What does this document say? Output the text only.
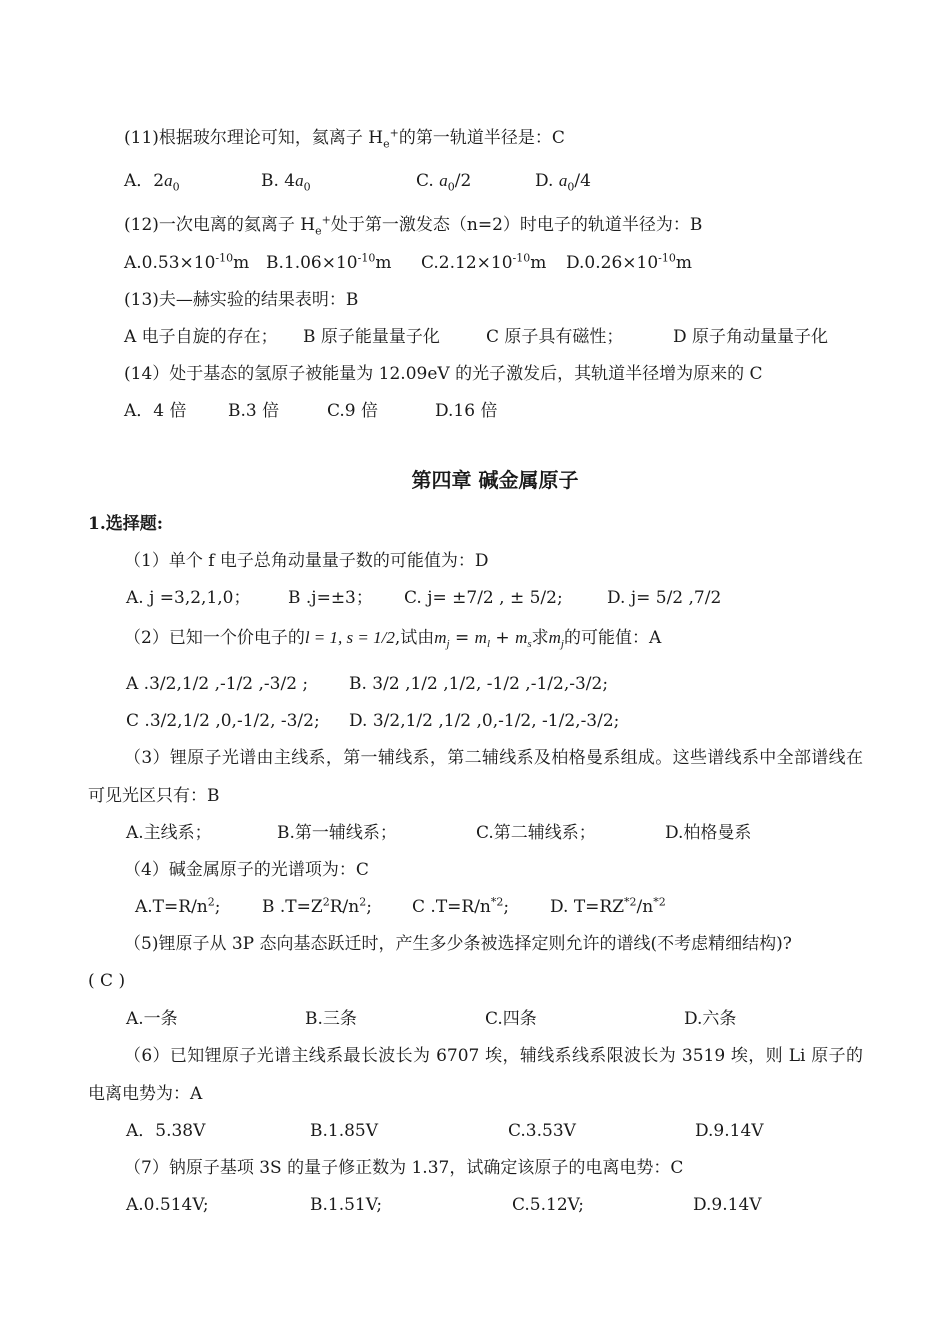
(11)根据玻尔理论可知，氦离子 $H_e^+$的第一轨道半径是：C
A．$2a_0$	B. $4a_0$	C. $a_0/2$	D. $a_0/4$
(12)一次电离的氦离子 $H_e^+$处于第一激发态（n=2）时电子的轨道半径为：B
$A.0.53\times 10^{-10}m$ $B.1.06\times 10^{-10}m$ $C.2.12\times 10^{-10}m$ $D.0.26\times 10^{-10}m$
(13)夫—赫实验的结果表明：B
A 电子自旋的存在； B 原子能量量子化	C 原子具有磁性；	D 原子角动量量子化
(14）处于基态的氢原子被能量为 12.09eV 的光子激发后，其轨道半径增为原来的 C
A．4 倍 B.3 倍	C.9 倍	D.16 倍
第四章 碱金属原子
1.选择题:
（1）单个 f 电子总角动量量子数的可能值为：D
A. j =3,2,1,0； B .j=±3； C. j= ±7/2 , ± 5/2;	D. j= 5/2 ,7/2
（2）已知一个价电子的l = 1, s = 1/2,试由$m_j = m_l + m_s$求$m_j$的可能值：A
A .3/2,1/2 ,-1/2 ,-3/2 ; B. 3/2 ,1/2 ,1/2, -1/2 ,-1/2,-3/2;
C .3/2,1/2 ,0,-1/2, -3/2; D. 3/2,1/2 ,1/2 ,0,-1/2, -1/2,-3/2;
（3）锂原子光谱由主线系，第一辅线系，第二辅线系及柏格曼系组成。这些谱线系中全部谱线在可见光区只有：B
A.主线系；	B.第一辅线系；	C.第二辅线系；	D.柏格曼系
（4）碱金属原子的光谱项为：C
$A.T=R/n^2$; B $.T=Z^2R/n^2$; C $.T=R/n^{*2}$; D. $T=RZ^{*2}/n^{*2}$
（5)锂原子从 3P 态向基态跃迁时，产生多少条被选择定则允许的谱线(不考虑精细结构)?
( C )
A.一条	B.三条	C.四条	D.六条
（6）已知锂原子光谱主线系最长波长为 6707 埃，辅线系线系限波长为 3519 埃，则 Li 原子的电离电势为：A
A．5.38V	B.1.85V	C.3.53V	D.9.14V
（7）钠原子基项 3S 的量子修正数为 1.37，试确定该原子的电离电势：C
A.0.514V;	B.1.51V;	C.5.12V;	D.9.14V
